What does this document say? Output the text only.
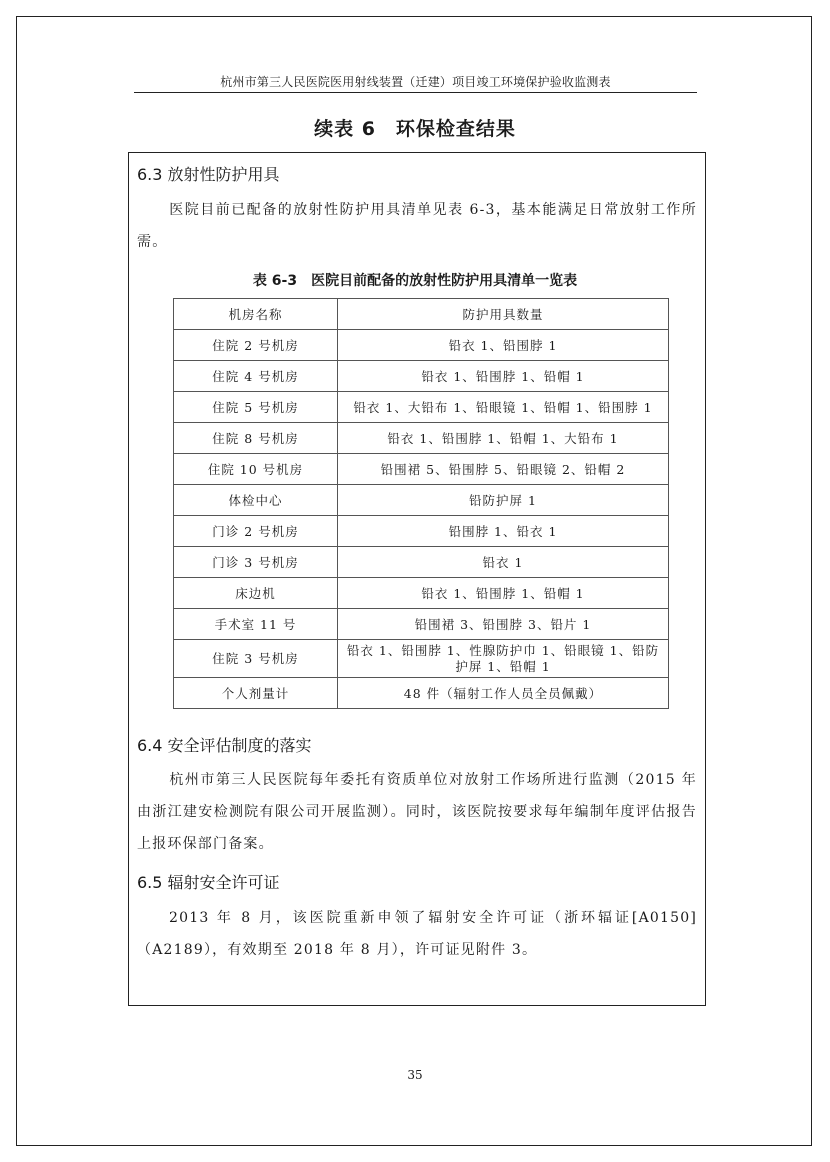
杭州市第三人民医院医用射线装置（迁建）项目竣工环境保护验收监测表
续表 6　环保检查结果
6.3 放射性防护用具
医院目前已配备的放射性防护用具清单见表 6-3，基本能满足日常放射工作所需。
表 6-3　医院目前配备的放射性防护用具清单一览表
机房名称	防护用具数量
住院 2 号机房	铅衣 1、铅围脖 1
住院 4 号机房	铅衣 1、铅围脖 1、铅帽 1
住院 5 号机房	铅衣 1、大铅布 1、铅眼镜 1、铅帽 1、铅围脖 1
住院 8 号机房	铅衣 1、铅围脖 1、铅帽 1、大铅布 1
住院 10 号机房	铅围裙 5、铅围脖 5、铅眼镜 2、铅帽 2
体检中心	铅防护屏 1
门诊 2 号机房	铅围脖 1、铅衣 1
门诊 3 号机房	铅衣 1
床边机	铅衣 1、铅围脖 1、铅帽 1
手术室 11 号	铅围裙 3、铅围脖 3、铅片 1
住院 3 号机房	铅衣 1、铅围脖 1、性腺防护巾 1、铅眼镜 1、铅防护屏 1、铅帽 1
个人剂量计	48 件（辐射工作人员全员佩戴）
6.4 安全评估制度的落实
杭州市第三人民医院每年委托有资质单位对放射工作场所进行监测（2015 年由浙江建安检测院有限公司开展监测）。同时，该医院按要求每年编制年度评估报告上报环保部门备案。
6.5 辐射安全许可证
2013 年 8 月，该医院重新申领了辐射安全许可证（浙环辐证[A0150]（A2189），有效期至 2018 年 8 月），许可证见附件 3。
35
